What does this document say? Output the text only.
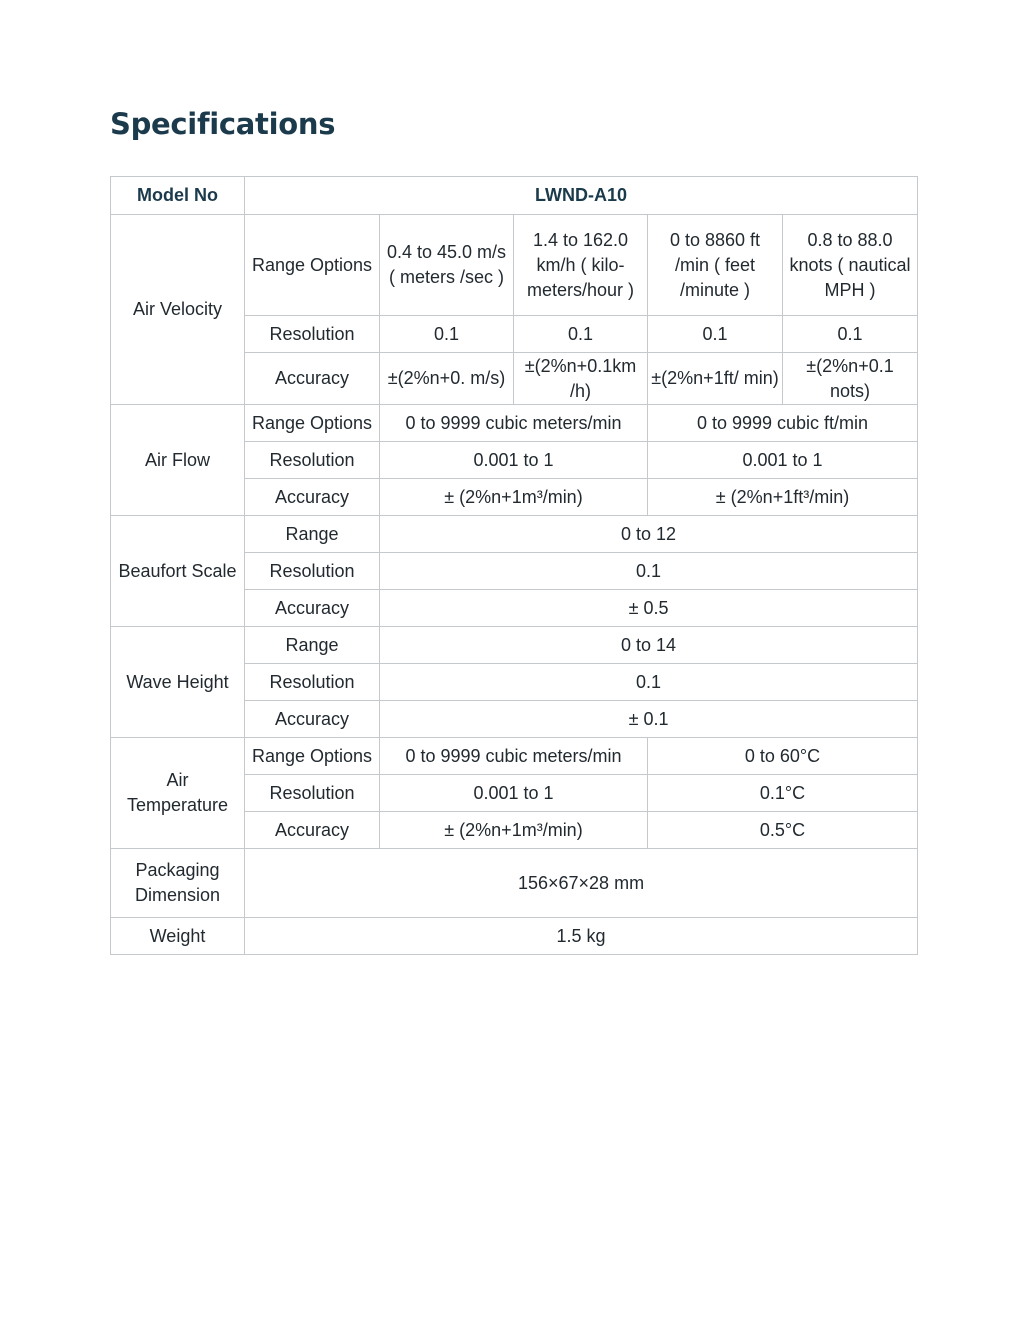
Specifications
Model No	LWND-A10				
Air Velocity	Range Options	0.4 to 45.0 m/s ( meters /sec )	1.4 to 162.0 km/h ( kilo-meters/hour )	0 to 8860 ft /min ( feet /minute )	0.8 to 88.0 knots ( nautical MPH )
	Resolution	0.1	0.1	0.1	0.1
	Accuracy	±(2%n+0. m/s)	±(2%n+0.1km /h)	±(2%n+1ft/ min)	±(2%n+0.1 nots)
Air Flow	Range Options	0 to 9999 cubic meters/min		0 to 9999 cubic ft/min	
	Resolution	0.001 to 1		0.001 to 1	
	Accuracy	± (2%n+1m³/min)		± (2%n+1ft³/min)	
Beaufort Scale	Range	0 to 12			
	Resolution	0.1			
	Accuracy	± 0.5			
Wave Height	Range	0 to 14			
	Resolution	0.1			
	Accuracy	± 0.1			
Air Temperature	Range Options	0 to 9999 cubic meters/min		0 to 60°C	
	Resolution	0.001 to 1		0.1°C	
	Accuracy	± (2%n+1m³/min)		0.5°C	
Packaging Dimension	156×67×28 mm				
Weight	1.5 kg				
